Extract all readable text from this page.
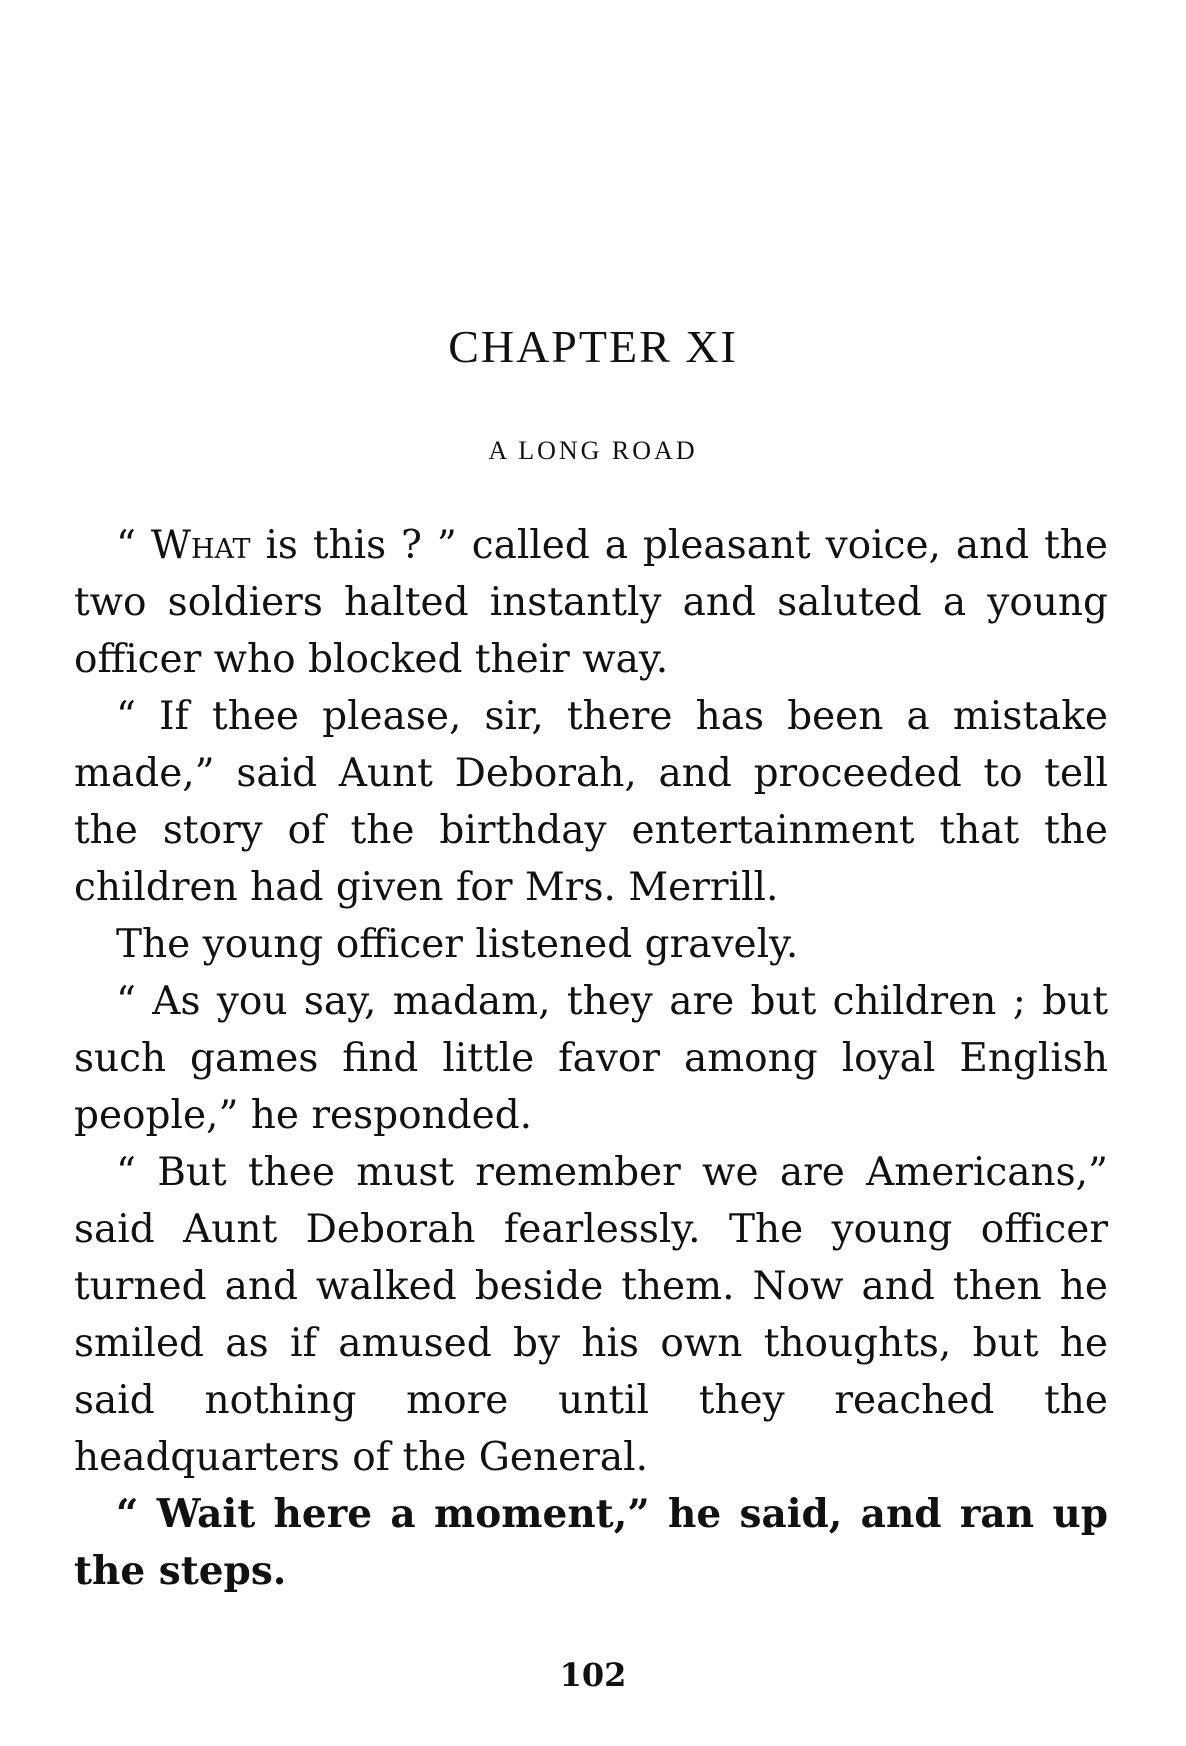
CHAPTER XI
A LONG ROAD

“ What is this ? ” called a pleasant voice, and the two soldiers halted instantly and saluted a young officer who blocked their way.

“ If thee please, sir, there has been a mistake made,” said Aunt Deborah, and proceeded to tell the story of the birthday entertainment that the children had given for Mrs. Merrill.

The young officer listened gravely.

“ As you say, madam, they are but children ; but such games find little favor among loyal English people,” he responded.

“ But thee must remember we are Americans,” said Aunt Deborah fearlessly. The young officer turned and walked beside them. Now and then he smiled as if amused by his own thoughts, but he said nothing more until they reached the headquarters of the General.

“ Wait here a moment,” he said, and ran up the steps.

102
